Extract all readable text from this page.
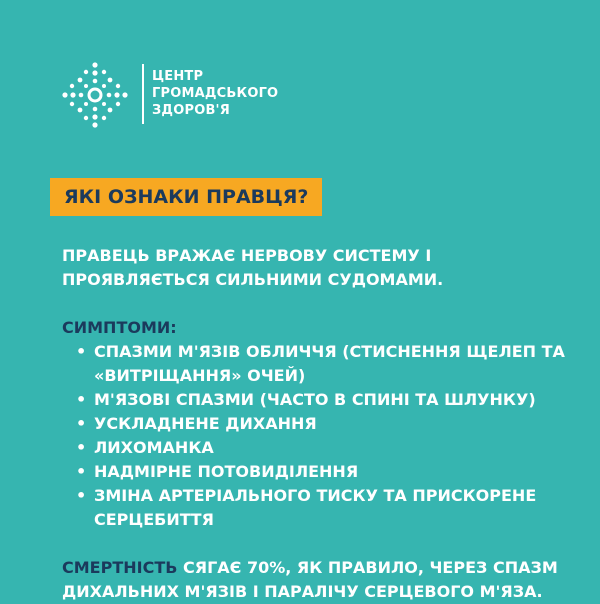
ЦЕНТР
ГРОМАДСЬКОГО
ЗДОРОВ'Я
ЯКІ ОЗНАКИ ПРАВЦЯ?
ПРАВЕЦЬ ВРАЖАЄ НЕРВОВУ СИСТЕМУ І
ПРОЯВЛЯЄТЬСЯ СИЛЬНИМИ СУДОМАМИ.
СИМПТОМИ:
• СПАЗМИ М'ЯЗІВ ОБЛИЧЧЯ (СТИСНЕННЯ ЩЕЛЕП ТА «ВИТРІЩАННЯ» ОЧЕЙ)
• М'ЯЗОВІ СПАЗМИ (ЧАСТО В СПИНІ ТА ШЛУНКУ)
• УСКЛАДНЕНЕ ДИХАННЯ
• ЛИХОМАНКА
• НАДМІРНЕ ПОТОВИДІЛЕННЯ
• ЗМІНА АРТЕРІАЛЬНОГО ТИСКУ ТА ПРИСКОРЕНЕ СЕРЦЕБИТТЯ
СМЕРТНІСТЬ СЯГАЄ 70%, ЯК ПРАВИЛО, ЧЕРЕЗ СПАЗМ ДИХАЛЬНИХ М'ЯЗІВ І ПАРАЛІЧУ СЕРЦЕВОГО М'ЯЗА.
